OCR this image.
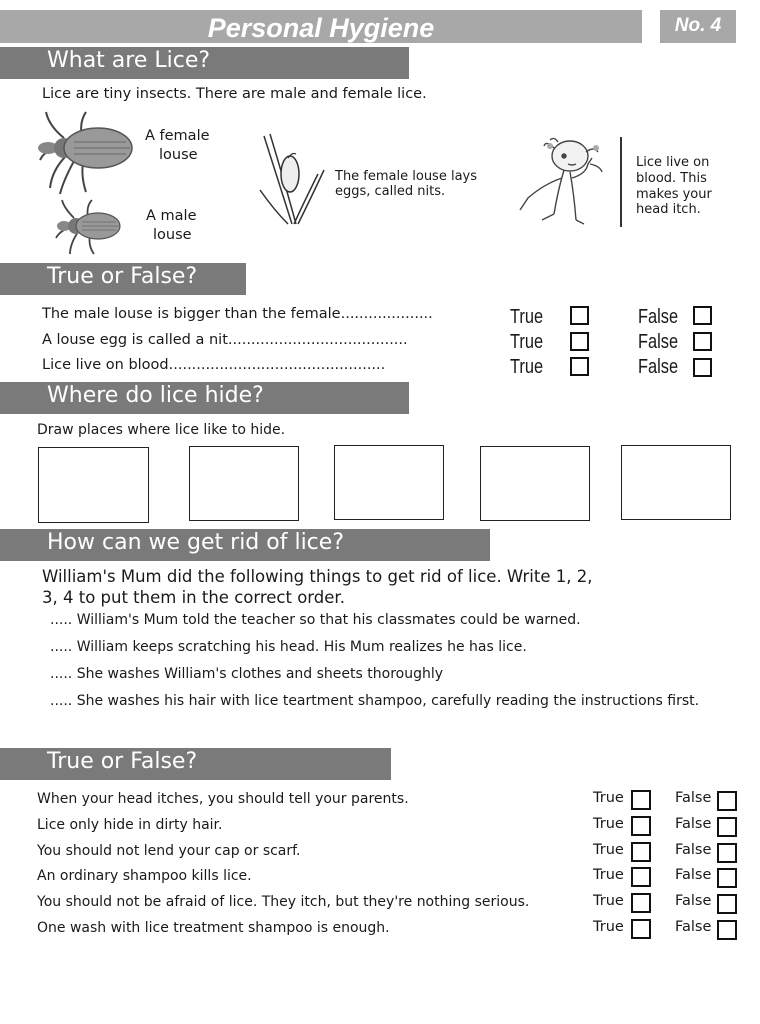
Personal Hygiene	No. 4
What are Lice?
Lice are tiny insects. There are male and female lice.
A female
louse
A male
louse
The female louse lays
eggs, called nits.
Lice live on
blood. This
makes your
head itch.
True or False?
The male louse is bigger than the female....................	True	False
A louse egg is called a nit.......................................	True	False
Lice live on blood...............................................	True	False
Where do lice hide?
Draw places where lice like to hide.
How can we get rid of lice?
William's Mum did the following things to get rid of lice. Write 1, 2,
3, 4 to put them in the correct order.
..... William's Mum told the teacher so that his classmates could be warned.
..... William keeps scratching his head. His Mum realizes he has lice.
..... She washes William's clothes and sheets thoroughly
..... She washes his hair with lice teartment shampoo, carefully reading the instructions first.
True or False?
When your head itches, you should tell your parents.	True	False
Lice only hide in dirty hair.	True	False
You should not lend your cap or scarf.	True	False
An ordinary shampoo kills lice.	True	False
You should not be afraid of lice. They itch, but they're nothing serious.	True	False
One wash with lice treatment shampoo is enough.	True	False
